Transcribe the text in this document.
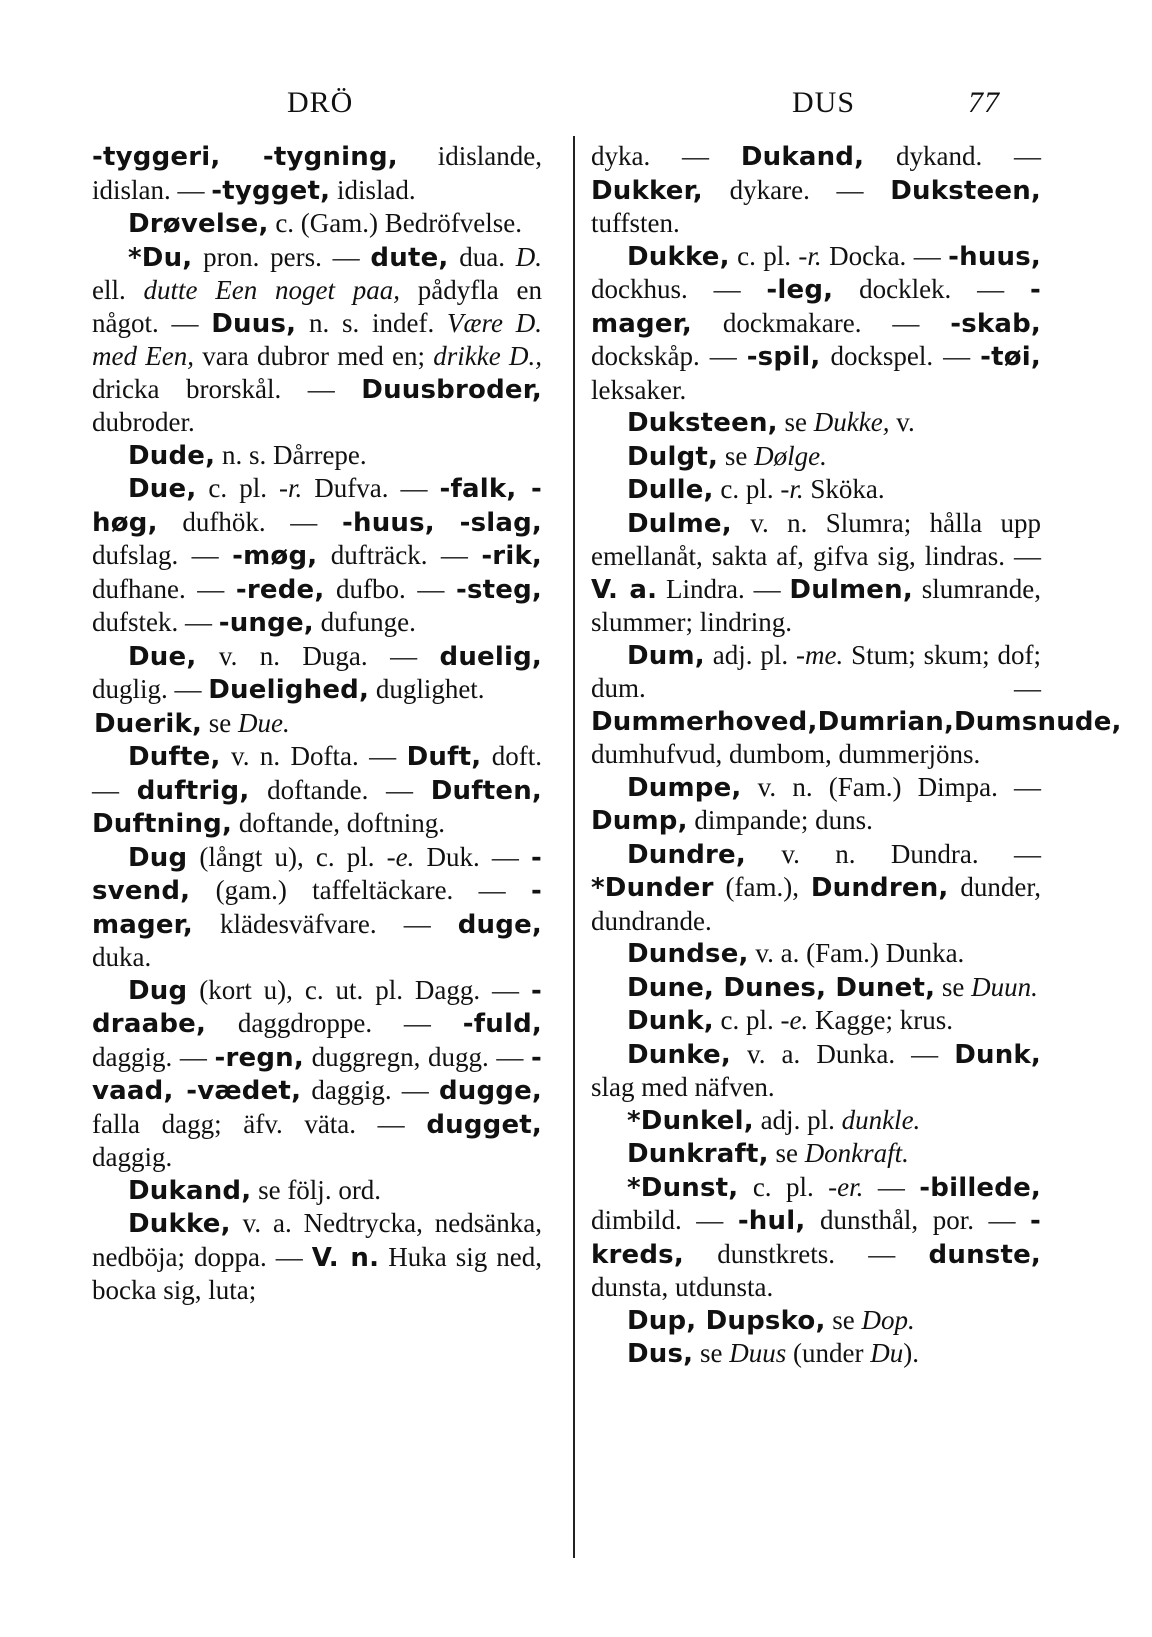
DRÖ	DUS	77

-tyggeri, -tygning, idislande, idislan. — -tygget, idislad.

Drøvelse, c. (Gam.) Bedröfvelse.

*Du, pron. pers. — dute, dua. D. ell. dutte Een noget paa, pådyfla en något. — Duus, n. s. indef. Være D. med Een, vara dubror med en; drikke D., dricka brorskål. — Duusbroder, dubroder.

Dude, n. s. Dårrepe.

Due, c. pl. -r. Dufva. — -falk, -høg, dufhök. — -huus, -slag, dufslag. — -møg, dufträck. — -rik, dufhane. — -rede, dufbo. — -steg, dufstek. — -unge, dufunge.

Due, v. n. Duga. — duelig, duglig. — Duelighed, duglighet.

Duerik, se Due.

Dufte, v. n. Dofta. — Duft, doft. — duftrig, doftande. — Duften, Duftning, doftande, doftning.

Dug (långt u), c. pl. -e. Duk. — -svend, (gam.) taffeltäckare. — -mager, klädesväfvare. — duge, duka.

Dug (kort u), c. ut. pl. Dagg. — -draabe, daggdroppe. — -fuld, daggig. — -regn, duggregn, dugg. — -vaad, -vædet, daggig. — dugge, falla dagg; äfv. väta. — dugget, daggig.

Dukand, se följ. ord.

Dukke, v. a. Nedtrycka, nedsänka, nedböja; doppa. — V. n. Huka sig ned, bocka sig, luta;

dyka. — Dukand, dykand. — Dukker, dykare. — Duksteen, tuffsten.

Dukke, c. pl. -r. Docka. — -huus, dockhus. — -leg, docklek. — -mager, dockmakare. — -skab, dockskåp. — -spil, dockspel. — -tøi, leksaker.

Duksteen, se Dukke, v.

Dulgt, se Dølge.

Dulle, c. pl. -r. Sköka.

Dulme, v. n. Slumra; hålla upp emellanåt, sakta af, gifva sig, lindras. — V. a. Lindra. — Dulmen, slumrande, slummer; lindring.

Dum, adj. pl. -me. Stum; skum; dof; dum. — Dummerhoved,Dumrian,Dumsnude, dumhufvud, dumbom, dummerjöns.

Dumpe, v. n. (Fam.) Dimpa. — Dump, dimpande; duns.

Dundre, v. n. Dundra. — *Dunder (fam.), Dundren, dunder, dundrande.

Dundse, v. a. (Fam.) Dunka.

Dune, Dunes, Dunet, se Duun.

Dunk, c. pl. -e. Kagge; krus.

Dunke, v. a. Dunka. — Dunk, slag med näfven.

*Dunkel, adj. pl. dunkle.

Dunkraft, se Donkraft.

*Dunst, c. pl. -er. — -billede, dimbild. — -hul, dunsthål, por. — -kreds, dunstkrets. — dunste, dunsta, utdunsta.

Dup, Dupsko, se Dop.

Dus, se Duus (under Du).
